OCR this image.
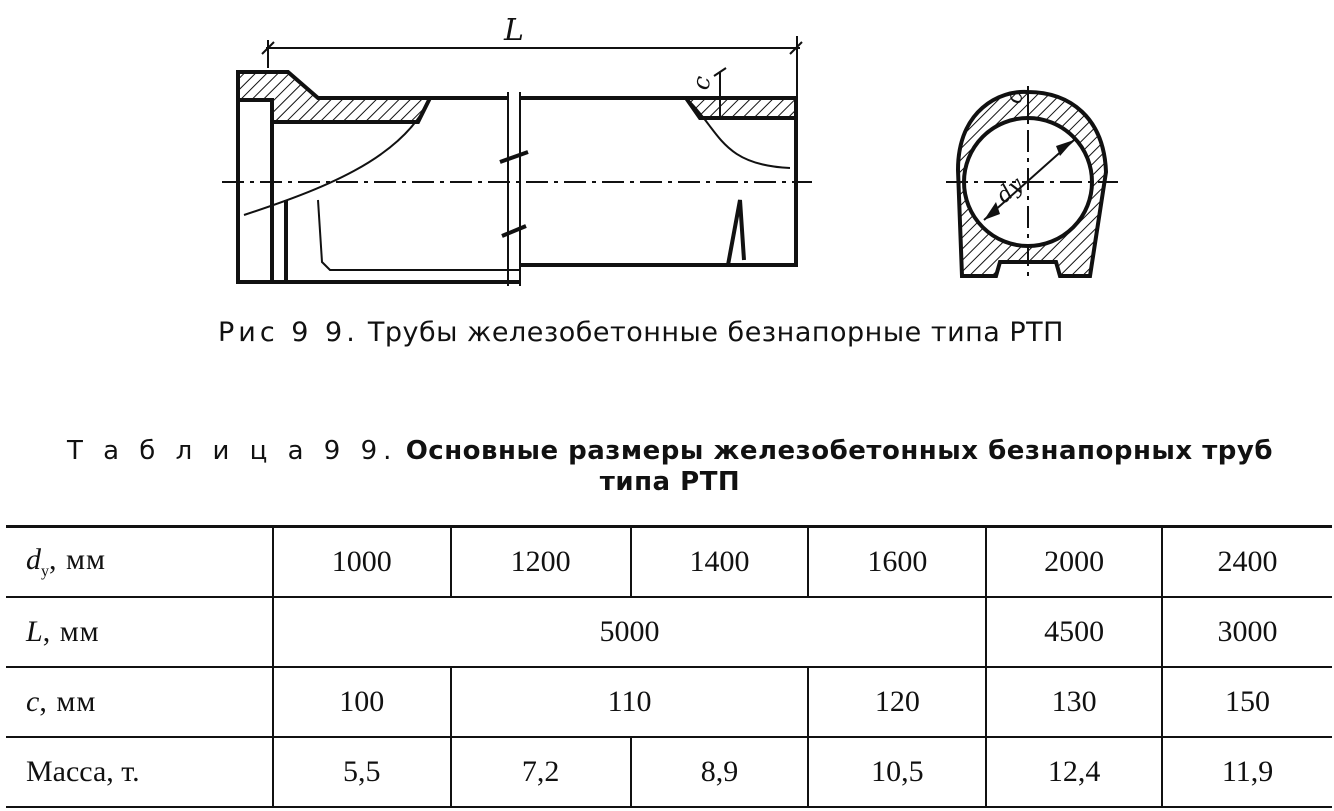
L
c
dу
c
Рис 9 9. Трубы железобетонные безнапорные типа РТП
Т а б л и ц а 9 9. Основные размеры железобетонных безнапорных труб типа РТП
$d_у$, мм	1000	1200	1400	1600	2000	2400
L, мм	5000				4500	3000
c, мм	100	110		120	130	150
Масса, т.	5,5	7,2	8,9	10,5	12,4	11,9
